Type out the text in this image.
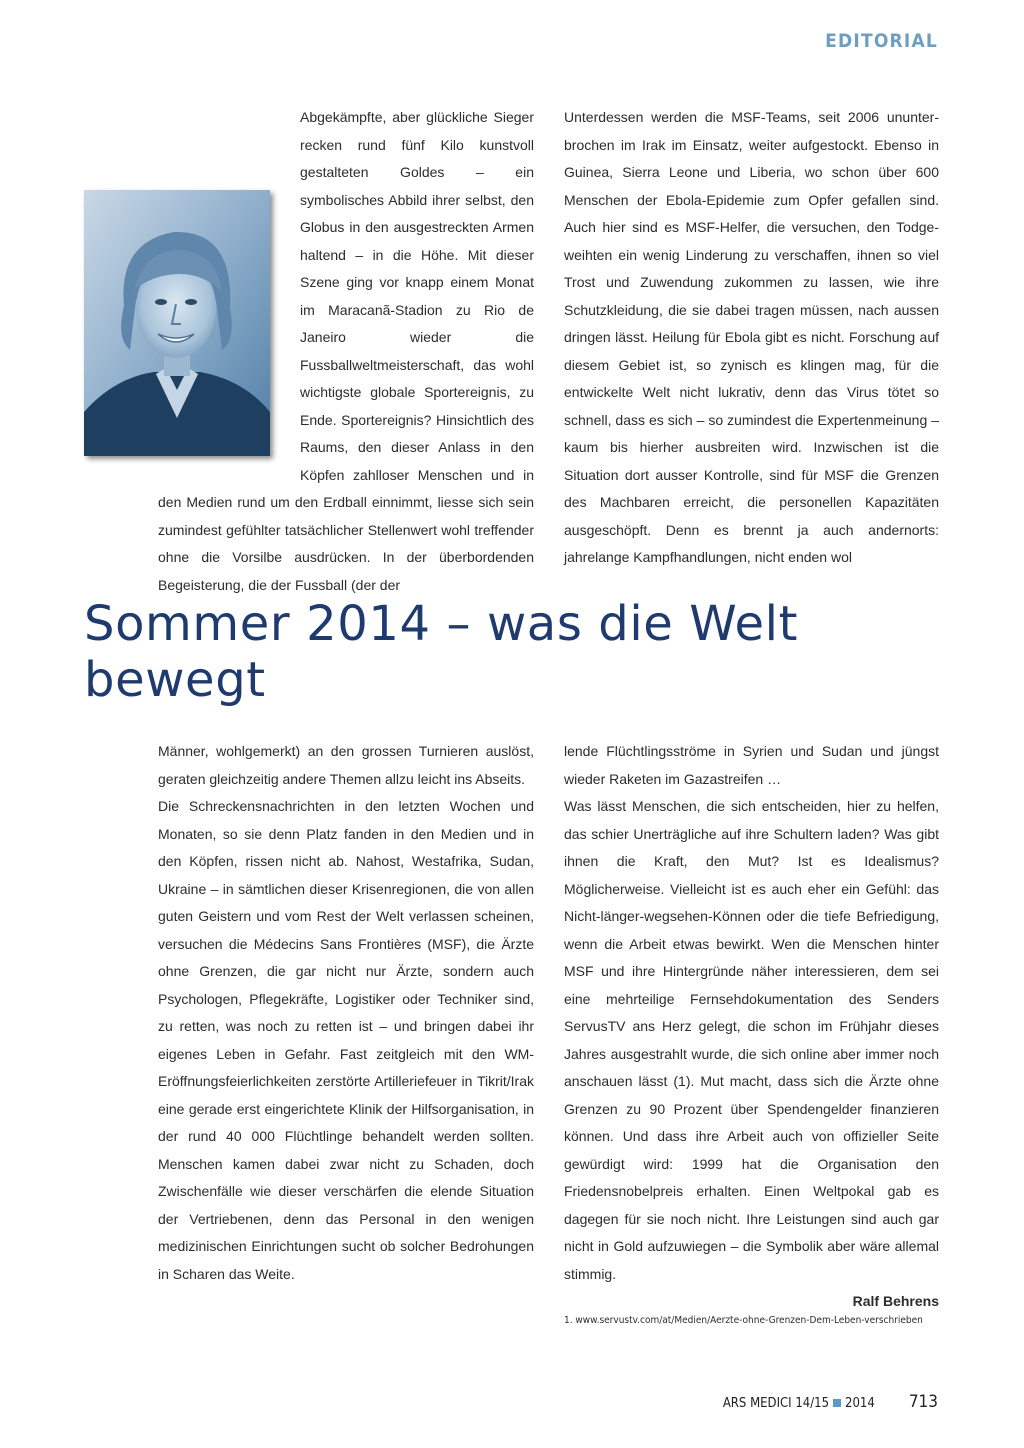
EDITORIAL

Abgekämpfte, aber glückliche Sieger recken rund fünf Kilo kunstvoll gestalteten Goldes – ein symbolisches Abbild ihrer selbst, den Globus in den ausgestreckten Armen haltend – in die Höhe. Mit dieser Szene ging vor knapp einem Monat im Maracanã-Stadion zu Rio de Janeiro wieder die Fussballweltmeisterschaft, das wohl wichtigste globale Sportereignis, zu Ende. Sportereignis? Hinsichtlich des Raums, den dieser Anlass in den Köpfen zahlloser Menschen und in den Medien rund um den Erdball einnimmt, liesse sich sein zumindest gefühlter tatsächlicher Stellenwert wohl treffender ohne die Vorsilbe ausdrücken. In der überbordenden Begeisterung, die der Fussball (der der

Unterdessen werden die MSF-Teams, seit 2006 ununterbrochen im Irak im Einsatz, weiter aufgestockt. Ebenso in Guinea, Sierra Leone und Liberia, wo schon über 600 Menschen der Ebola-Epidemie zum Opfer gefallen sind. Auch hier sind es MSF-Helfer, die versuchen, den Todgeweihten ein wenig Linderung zu verschaffen, ihnen so viel Trost und Zuwendung zukommen zu lassen, wie ihre Schutzkleidung, die sie dabei tragen müssen, nach aussen dringen lässt. Heilung für Ebola gibt es nicht. Forschung auf diesem Gebiet ist, so zynisch es klingen mag, für die entwickelte Welt nicht lukrativ, denn das Virus tötet so schnell, dass es sich – so zumindest die Expertenmeinung – kaum bis hierher ausbreiten wird. Inzwischen ist die Situation dort ausser Kontrolle, sind für MSF die Grenzen des Machbaren erreicht, die personellen Kapazitäten ausgeschöpft. Denn es brennt ja auch andernorts: jahrelange Kampfhandlungen, nicht enden wol

Sommer 2014 – was die Welt bewegt

Männer, wohlgemerkt) an den grossen Turnieren auslöst, geraten gleichzeitig andere Themen allzu leicht ins Abseits.

Die Schreckensnachrichten in den letzten Wochen und Monaten, so sie denn Platz fanden in den Medien und in den Köpfen, rissen nicht ab. Nahost, Westafrika, Sudan, Ukraine – in sämtlichen dieser Krisenregionen, die von allen guten Geistern und vom Rest der Welt verlassen scheinen, versuchen die Médecins Sans Frontières (MSF), die Ärzte ohne Grenzen, die gar nicht nur Ärzte, sondern auch Psychologen, Pflegekräfte, Logistiker oder Techniker sind, zu retten, was noch zu retten ist – und bringen dabei ihr eigenes Leben in Gefahr. Fast zeitgleich mit den WM-Eröffnungsfeierlichkeiten zerstörte Artilleriefeuer in Tikrit/Irak eine gerade erst eingerichtete Klinik der Hilfsorganisation, in der rund 40 000 Flüchtlinge behandelt werden sollten. Menschen kamen dabei zwar nicht zu Schaden, doch Zwischenfälle wie dieser verschärfen die elende Situation der Vertriebenen, denn das Personal in den wenigen medizinischen Einrichtungen sucht ob solcher Bedrohungen in Scharen das Weite.

lende Flüchtlingsströme in Syrien und Sudan und jüngst wieder Raketen im Gazastreifen …

Was lässt Menschen, die sich entscheiden, hier zu helfen, das schier Unerträgliche auf ihre Schultern laden? Was gibt ihnen die Kraft, den Mut? Ist es Idealismus? Möglicherweise. Vielleicht ist es auch eher ein Gefühl: das Nicht-länger-wegsehen-Können oder die tiefe Befriedigung, wenn die Arbeit etwas bewirkt. Wen die Menschen hinter MSF und ihre Hintergründe näher interessieren, dem sei eine mehrteilige Fernsehdokumentation des Senders ServusTV ans Herz gelegt, die schon im Frühjahr dieses Jahres ausgestrahlt wurde, die sich online aber immer noch anschauen lässt (1). Mut macht, dass sich die Ärzte ohne Grenzen zu 90 Prozent über Spendengelder finanzieren können. Und dass ihre Arbeit auch von offizieller Seite gewürdigt wird: 1999 hat die Organisation den Friedensnobelpreis erhalten. Einen Weltpokal gab es dagegen für sie noch nicht. Ihre Leistungen sind auch gar nicht in Gold aufzuwiegen – die Symbolik aber wäre allemal stimmig.

Ralf Behrens

1. www.servustv.com/at/Medien/Aerzte-ohne-Grenzen-Dem-Leben-verschrieben

ARS MEDICI 14/15 2014 713
